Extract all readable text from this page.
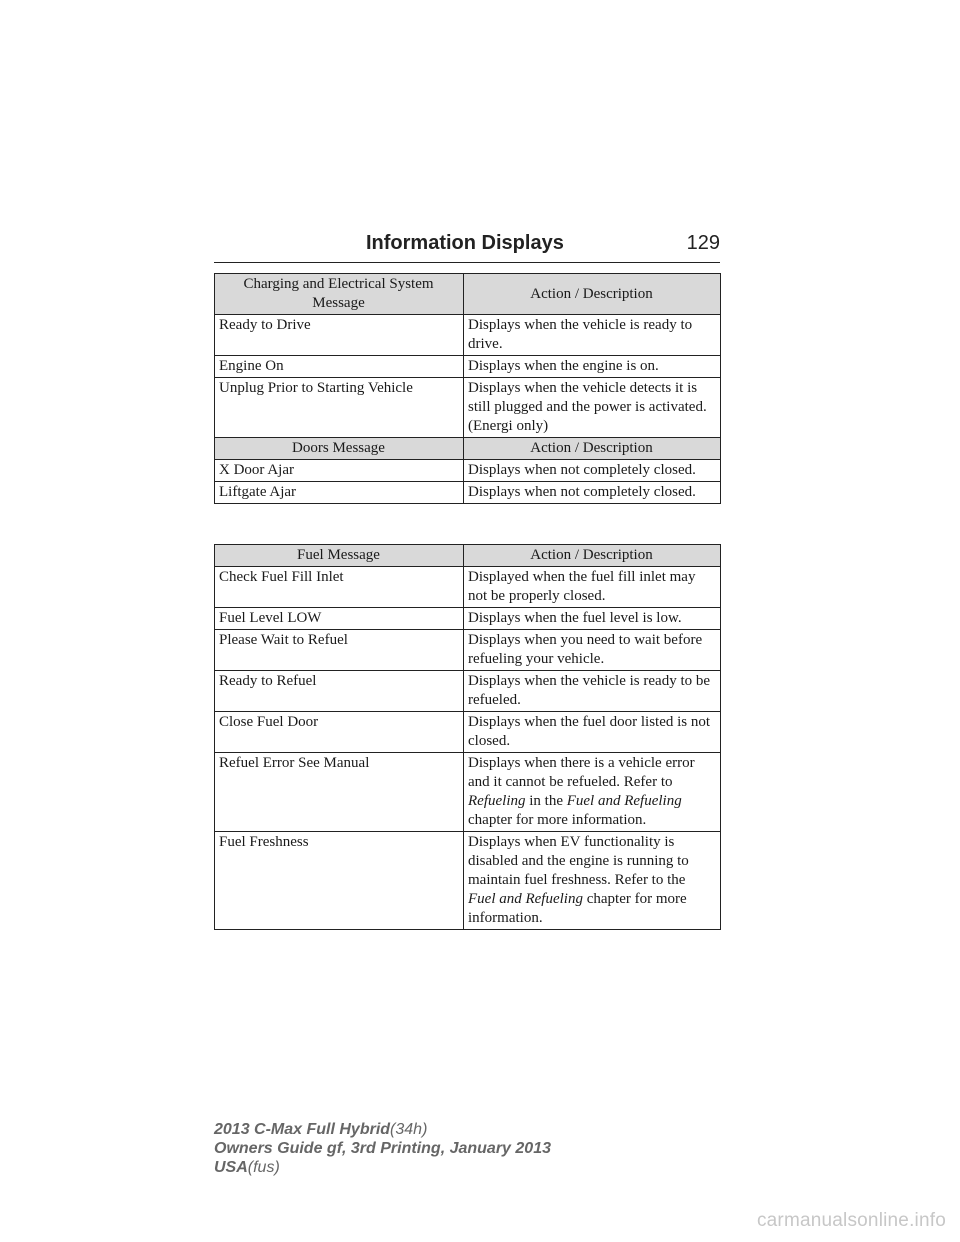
Information Displays	129
Charging and Electrical System Message	Action / Description
Ready to Drive	Displays when the vehicle is ready to drive.
Engine On	Displays when the engine is on.
Unplug Prior to Starting Vehicle	Displays when the vehicle detects it is still plugged and the power is activated. (Energi only)
Doors Message	Action / Description
X Door Ajar	Displays when not completely closed.
Liftgate Ajar	Displays when not completely closed.
Fuel Message	Action / Description
Check Fuel Fill Inlet	Displayed when the fuel fill inlet may not be properly closed.
Fuel Level LOW	Displays when the fuel level is low.
Please Wait to Refuel	Displays when you need to wait before refueling your vehicle.
Ready to Refuel	Displays when the vehicle is ready to be refueled.
Close Fuel Door	Displays when the fuel door listed is not closed.
Refuel Error See Manual	Displays when there is a vehicle error and it cannot be refueled. Refer to Refueling in the Fuel and Refueling chapter for more information.
Fuel Freshness	Displays when EV functionality is disabled and the engine is running to maintain fuel freshness. Refer to the Fuel and Refueling chapter for more information.
2013 C-Max Full Hybrid(34h)
Owners Guide gf, 3rd Printing, January 2013
USA(fus)
carmanualsonline.info
